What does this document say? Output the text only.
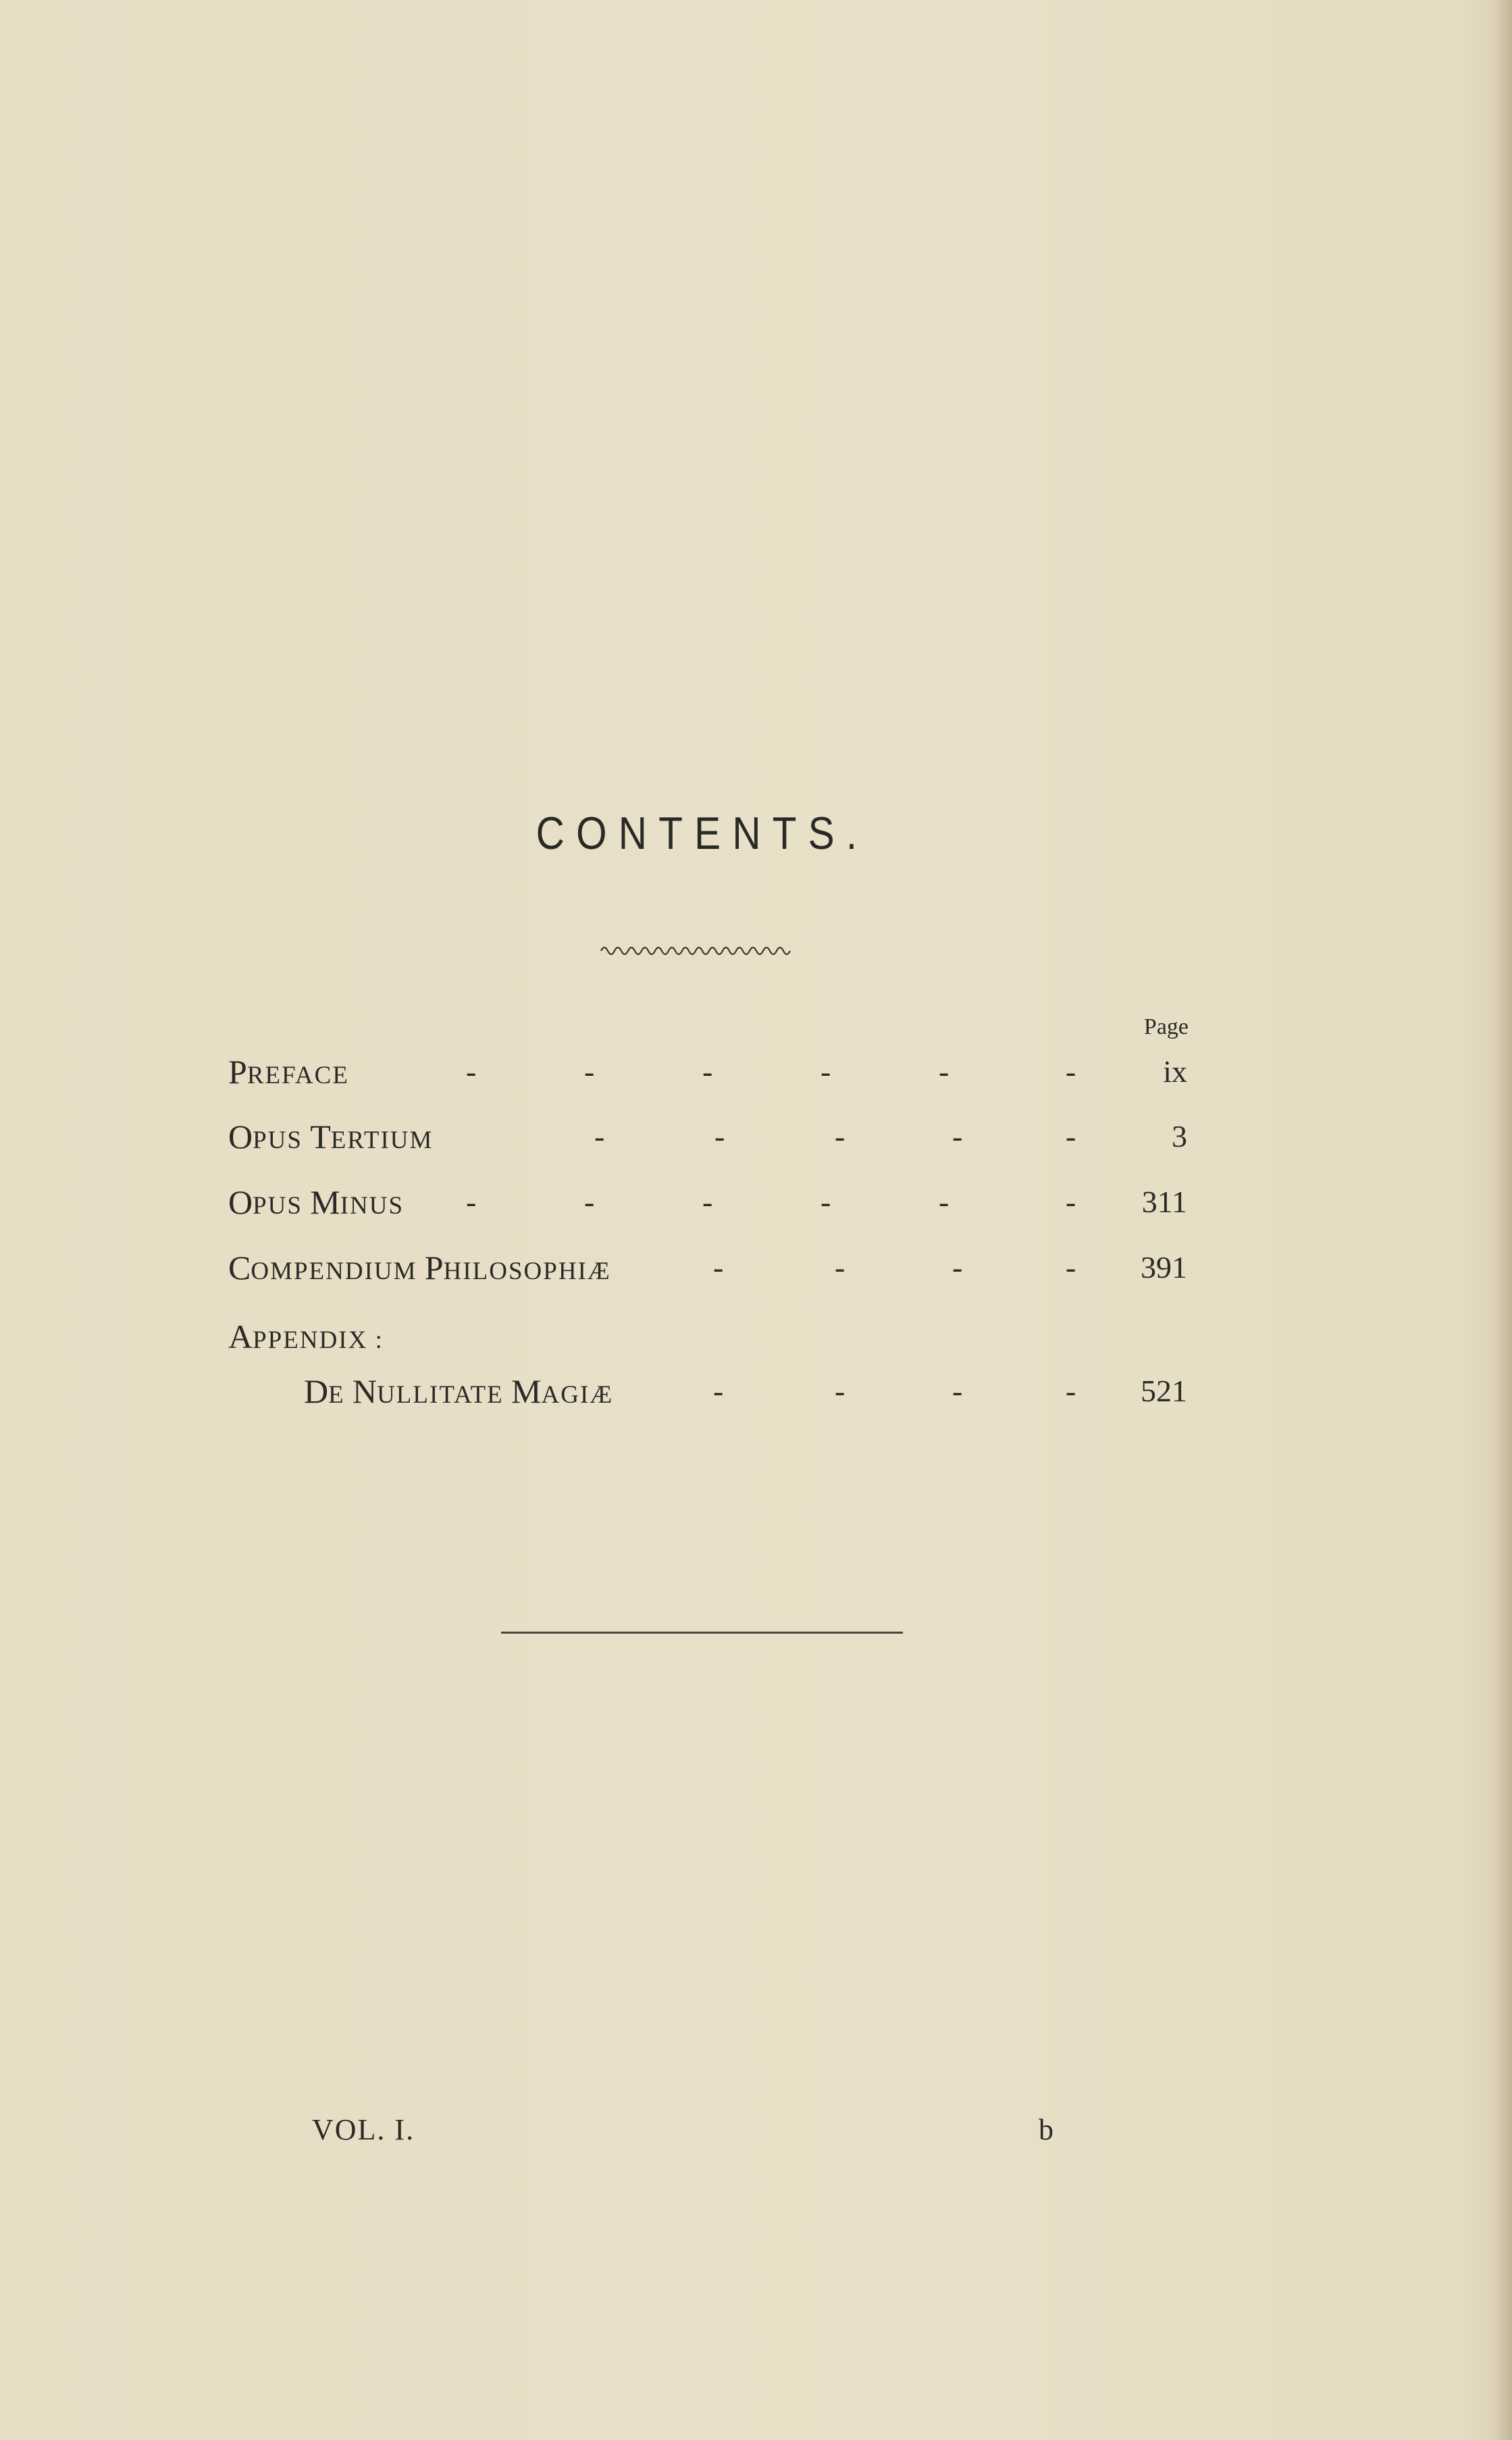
CONTENTS.
Page
PREFACE	-	-	-	-	-	-	ix
OPUS TERTIUM	-	-	-	-	-	3
OPUS MINUS -	-	-	-	-	-	311
COMPENDIUM PHILOSOPHIÆ	-	-	-	-	391
APPENDIX :
DE NULLITATE MAGIÆ	-	-	-	-	521
VOL. I.	b
